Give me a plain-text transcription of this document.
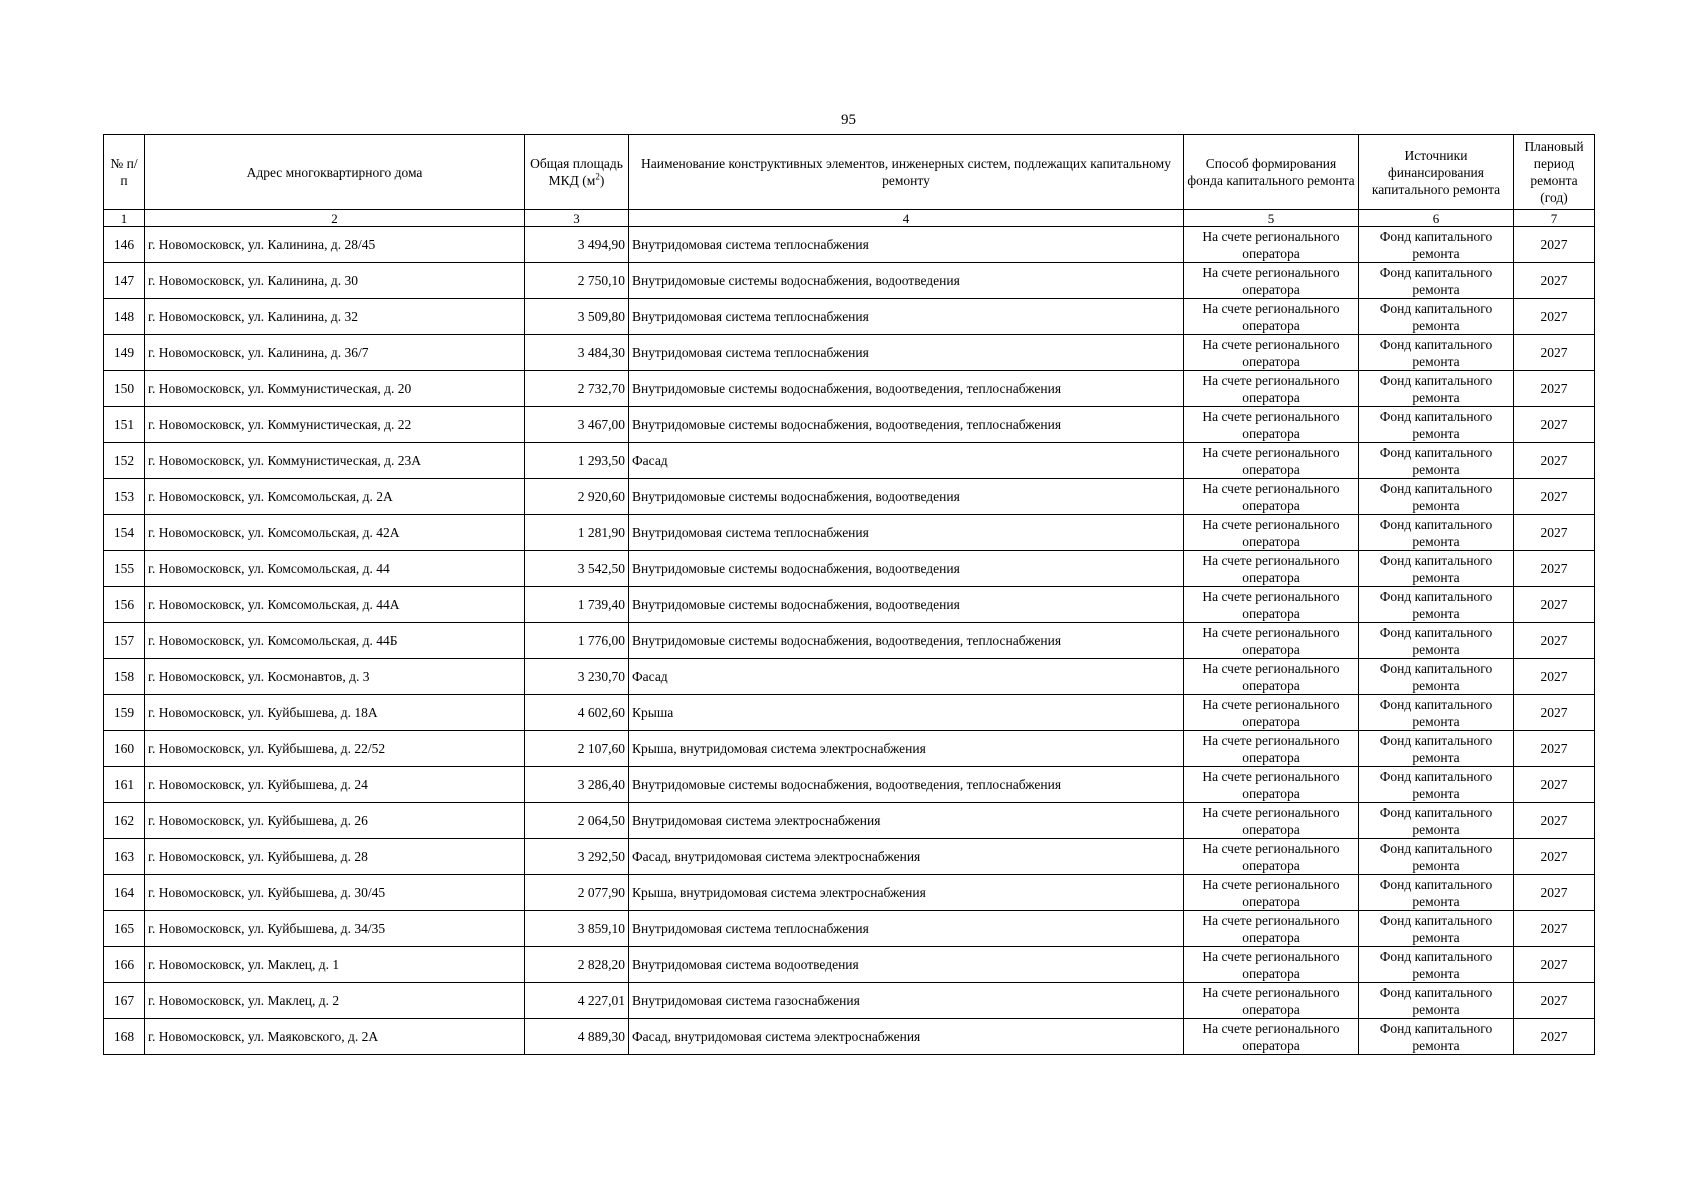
95
№ п/п	Адрес многоквартирного дома	Общая площадь МКД $(м^2)$	Наименование конструктивных элементов, инженерных систем, подлежащих капитальному ремонту	Способ формирования фонда капитального ремонта	Источники финансирования капитального ремонта	Плановый период ремонта (год)
1	2	3	4	5	6	7
146	г. Новомосковск, ул. Калинина, д. 28/45	3 494,90	Внутридомовая система теплоснабжения	На счете регионального оператора	Фонд капитального ремонта	2027
147	г. Новомосковск, ул. Калинина, д. 30	2 750,10	Внутридомовые системы водоснабжения, водоотведения	На счете регионального оператора	Фонд капитального ремонта	2027
148	г. Новомосковск, ул. Калинина, д. 32	3 509,80	Внутридомовая система теплоснабжения	На счете регионального оператора	Фонд капитального ремонта	2027
149	г. Новомосковск, ул. Калинина, д. 36/7	3 484,30	Внутридомовая система теплоснабжения	На счете регионального оператора	Фонд капитального ремонта	2027
150	г. Новомосковск, ул. Коммунистическая, д. 20	2 732,70	Внутридомовые системы водоснабжения, водоотведения, теплоснабжения	На счете регионального оператора	Фонд капитального ремонта	2027
151	г. Новомосковск, ул. Коммунистическая, д. 22	3 467,00	Внутридомовые системы водоснабжения, водоотведения, теплоснабжения	На счете регионального оператора	Фонд капитального ремонта	2027
152	г. Новомосковск, ул. Коммунистическая, д. 23А	1 293,50	Фасад	На счете регионального оператора	Фонд капитального ремонта	2027
153	г. Новомосковск, ул. Комсомольская, д. 2А	2 920,60	Внутридомовые системы водоснабжения, водоотведения	На счете регионального оператора	Фонд капитального ремонта	2027
154	г. Новомосковск, ул. Комсомольская, д. 42А	1 281,90	Внутридомовая система теплоснабжения	На счете регионального оператора	Фонд капитального ремонта	2027
155	г. Новомосковск, ул. Комсомольская, д. 44	3 542,50	Внутридомовые системы водоснабжения, водоотведения	На счете регионального оператора	Фонд капитального ремонта	2027
156	г. Новомосковск, ул. Комсомольская, д. 44А	1 739,40	Внутридомовые системы водоснабжения, водоотведения	На счете регионального оператора	Фонд капитального ремонта	2027
157	г. Новомосковск, ул. Комсомольская, д. 44Б	1 776,00	Внутридомовые системы водоснабжения, водоотведения, теплоснабжения	На счете регионального оператора	Фонд капитального ремонта	2027
158	г. Новомосковск, ул. Космонавтов, д. 3	3 230,70	Фасад	На счете регионального оператора	Фонд капитального ремонта	2027
159	г. Новомосковск, ул. Куйбышева, д. 18А	4 602,60	Крыша	На счете регионального оператора	Фонд капитального ремонта	2027
160	г. Новомосковск, ул. Куйбышева, д. 22/52	2 107,60	Крыша, внутридомовая система электроснабжения	На счете регионального оператора	Фонд капитального ремонта	2027
161	г. Новомосковск, ул. Куйбышева, д. 24	3 286,40	Внутридомовые системы водоснабжения, водоотведения, теплоснабжения	На счете регионального оператора	Фонд капитального ремонта	2027
162	г. Новомосковск, ул. Куйбышева, д. 26	2 064,50	Внутридомовая система электроснабжения	На счете регионального оператора	Фонд капитального ремонта	2027
163	г. Новомосковск, ул. Куйбышева, д. 28	3 292,50	Фасад, внутридомовая система электроснабжения	На счете регионального оператора	Фонд капитального ремонта	2027
164	г. Новомосковск, ул. Куйбышева, д. 30/45	2 077,90	Крыша, внутридомовая система электроснабжения	На счете регионального оператора	Фонд капитального ремонта	2027
165	г. Новомосковск, ул. Куйбышева, д. 34/35	3 859,10	Внутридомовая система теплоснабжения	На счете регионального оператора	Фонд капитального ремонта	2027
166	г. Новомосковск, ул. Маклец, д. 1	2 828,20	Внутридомовая система водоотведения	На счете регионального оператора	Фонд капитального ремонта	2027
167	г. Новомосковск, ул. Маклец, д. 2	4 227,01	Внутридомовая система газоснабжения	На счете регионального оператора	Фонд капитального ремонта	2027
168	г. Новомосковск, ул. Маяковского, д. 2А	4 889,30	Фасад, внутридомовая система электроснабжения	На счете регионального оператора	Фонд капитального ремонта	2027
